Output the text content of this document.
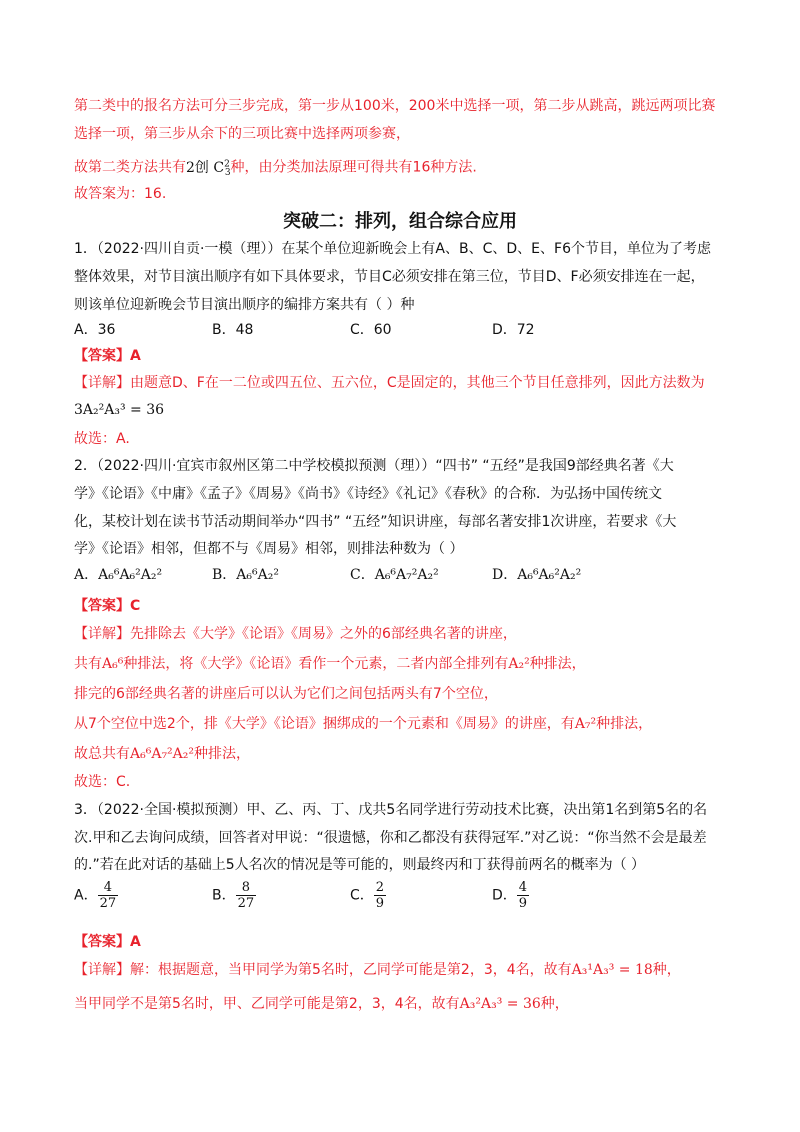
第二类中的报名方法可分三步完成，第一步从100米，200米中选择一项，第二步从跳高，跳远两项比赛
选择一项，第三步从余下的三项比赛中选择两项参赛，
故第二类方法共有2创 $C^2_3$种，由分类加法原理可得共有16种方法.
故答案为：16.
突破二：排列，组合综合应用
1．（2022·四川自贡·一模（理））在某个单位迎新晚会上有A、B、C、D、E、F6个节目，单位为了考虑
整体效果，对节目演出顺序有如下具体要求，节目C必须安排在第三位，节目D、F必须安排连在一起，
则该单位迎新晚会节目演出顺序的编排方案共有（ ）种
A．36	B．48	C．60	D．72
【答案】A
【详解】由题意D、F在一二位或四五位、五六位，C是固定的，其他三个节目任意排列，因此方法数为
3A₂²A₃³ = 36
故选：A.
2．（2022·四川·宜宾市叙州区第二中学校模拟预测（理））“四书” “五经”是我国9部经典名著《大
学》《论语》《中庸》《孟子》《周易》《尚书》《诗经》《礼记》《春秋》的合称．为弘扬中国传统文
化，某校计划在读书节活动期间举办“四书” “五经”知识讲座，每部名著安排1次讲座，若要求《大
学》《论语》相邻，但都不与《周易》相邻，则排法种数为（ ）
A．A₆⁶A₆²A₂²	B．A₆⁶A₂²	C．A₆⁶A₇²A₂²	D．A₆⁶A₆²A₂²
【答案】C
【详解】先排除去《大学》《论语》《周易》之外的6部经典名著的讲座，
共有A₆⁶种排法，将《大学》《论语》看作一个元素，二者内部全排列有A₂²种排法，
排完的6部经典名著的讲座后可以认为它们之间包括两头有7个空位，
从7个空位中选2个，排《大学》《论语》捆绑成的一个元素和《周易》的讲座，有A₇²种排法，
故总共有A₆⁶A₇²A₂²种排法，
故选：C.
3．（2022·全国·模拟预测）甲、乙、丙、丁、戊共5名同学进行劳动技术比赛，决出第1名到第5名的名
次.甲和乙去询问成绩，回答者对甲说：“很遗憾，你和乙都没有获得冠军.”对乙说：“你当然不会是最差
的.”若在此对话的基础上5人名次的情况是等可能的，则最终丙和丁获得前两名的概率为（ ）
A． $\frac{4}{27}$	B． $\frac{8}{27}$	C． $\frac{2}{9}$	D． $\frac{4}{9}$
【答案】A
【详解】解：根据题意，当甲同学为第5名时，乙同学可能是第2，3，4名，故有A₃¹A₃³ = 18种，
当甲同学不是第5名时，甲、乙同学可能是第2，3，4名，故有A₃²A₃³ = 36种，
